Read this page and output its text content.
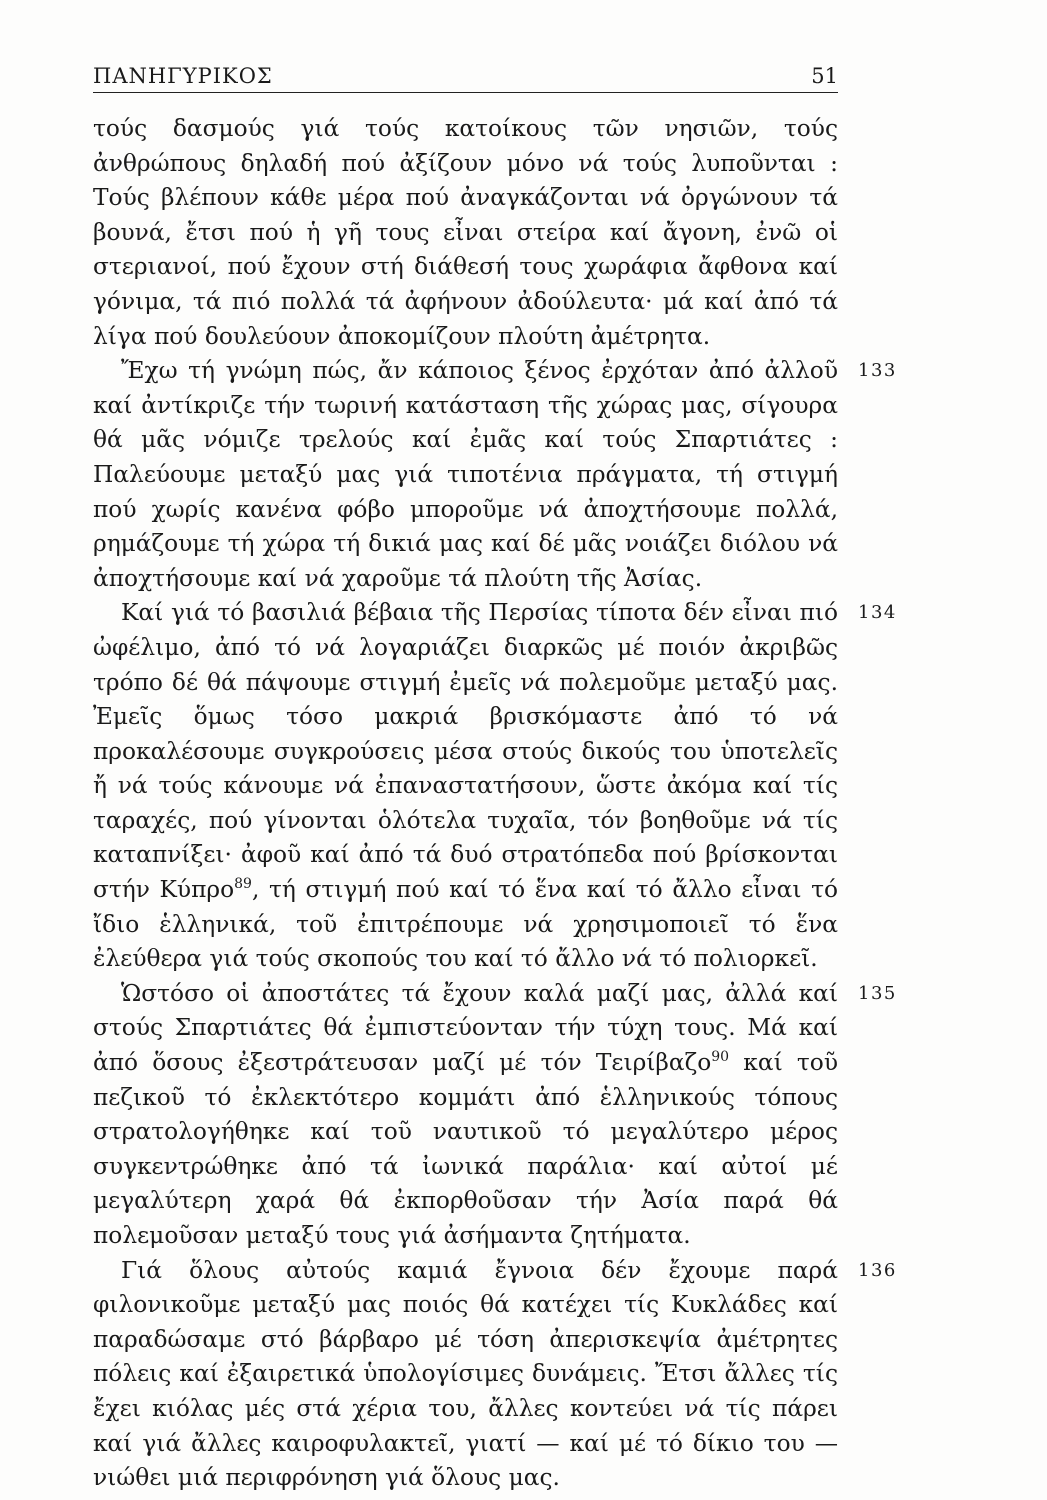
ΠΑΝΗΓΥΡΙΚΟΣ	51

τούς δασμούς γιά τούς κατοίκους τῶν νησιῶν, τούς ἀνθρώπους δηλαδή πού ἀξίζουν μόνο νά τούς λυποῦνται : Τούς βλέπουν κάθε μέρα πού ἀναγκάζονται νά ὀργώνουν τά βουνά, ἔτσι πού ἡ γῆ τους εἶναι στείρα καί ἄγονη, ἐνῶ οἱ στεριανοί, πού ἔχουν στή διάθεσή τους χωράφια ἄφθονα καί γόνιμα, τά πιό πολλά τά ἀφήνουν ἀδούλευτα· μά καί ἀπό τά λίγα πού δουλεύουν ἀποκομίζουν πλούτη ἀμέτρητα.

133
Ἔχω τή γνώμη πώς, ἄν κάποιος ξένος ἐρχόταν ἀπό ἀλλοῦ καί ἀντίκριζε τήν τωρινή κατάσταση τῆς χώρας μας, σίγουρα θά μᾶς νόμιζε τρελούς καί ἐμᾶς καί τούς Σπαρτιάτες : Παλεύουμε μεταξύ μας γιά τιποτένια πράγματα, τή στιγμή πού χωρίς κανένα φόβο μποροῦμε νά ἀποχτήσουμε πολλά, ρημάζουμε τή χώρα τή δικιά μας καί δέ μᾶς νοιάζει διόλου νά ἀποχτήσουμε καί νά χαροῦμε τά πλούτη τῆς Ἀσίας.

134
Καί γιά τό βασιλιά βέβαια τῆς Περσίας τίποτα δέν εἶναι πιό ὠφέλιμο, ἀπό τό νά λογαριάζει διαρκῶς μέ ποιόν ἀκριβῶς τρόπο δέ θά πάψουμε στιγμή ἐμεῖς νά πολεμοῦμε μεταξύ μας. Ἐμεῖς ὅμως τόσο μακριά βρισκόμαστε ἀπό τό νά προκαλέσουμε συγκρούσεις μέσα στούς δικούς του ὑποτελεῖς ἤ νά τούς κάνουμε νά ἐπαναστατήσουν, ὥστε ἀκόμα καί τίς ταραχές, πού γίνονται ὁλότελα τυχαῖα, τόν βοηθοῦμε νά τίς καταπνίξει· ἀφοῦ καί ἀπό τά δυό στρατόπεδα πού βρίσκονται στήν Κύπρο$^{89}$, τή στιγμή πού καί τό ἕνα καί τό ἄλλο εἶναι τό ἴδιο ἑλληνικά, τοῦ ἐπιτρέπουμε νά χρησιμοποιεῖ τό ἕνα ἐλεύθερα γιά τούς σκοπούς του καί τό ἄλλο νά τό πολιορκεῖ.

135
Ὡστόσο οἱ ἀποστάτες τά ἔχουν καλά μαζί μας, ἀλλά καί στούς Σπαρτιάτες θά ἐμπιστεύονταν τήν τύχη τους. Μά καί ἀπό ὅσους ἐξεστράτευσαν μαζί μέ τόν Τειρίβαζο$^{90}$ καί τοῦ πεζικοῦ τό ἐκλεκτότερο κομμάτι ἀπό ἑλληνικούς τόπους στρατολογήθηκε καί τοῦ ναυτικοῦ τό μεγαλύτερο μέρος συγκεντρώθηκε ἀπό τά ἰωνικά παράλια· καί αὐτοί μέ μεγαλύτερη χαρά θά ἐκπορθοῦσαν τήν Ἀσία παρά θά πολεμοῦσαν μεταξύ τους γιά ἀσήμαντα ζητήματα.

136
Γιά ὅλους αὐτούς καμιά ἔγνοια δέν ἔχουμε παρά φιλονικοῦμε μεταξύ μας ποιός θά κατέχει τίς Κυκλάδες καί παραδώσαμε στό βάρβαρο μέ τόση ἀπερισκεψία ἀμέτρητες πόλεις καί ἐξαιρετικά ὑπολογίσιμες δυνάμεις. Ἔτσι ἄλλες τίς ἔχει κιόλας μές στά χέρια του, ἄλλες κοντεύει νά τίς πάρει καί γιά ἄλλες καιροφυλακτεῖ, γιατί — καί μέ τό δίκιο του — νιώθει μιά περιφρόνηση γιά ὅλους μας.
